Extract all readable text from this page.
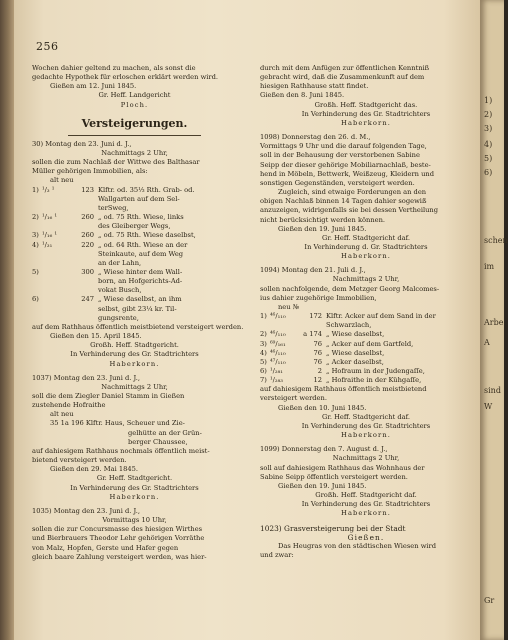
256
Wochen dahier geltend zu machen, als sonst die
gedachte Hypothek für erloschen erklärt werden wird.
Gießen am 12. Juni 1845.
Gr. Heff. Landgericht
Ploch.
Versteigerungen.
30) Montag den 23. Juni d. J.,
Nachmittags 2 Uhr,
sollen die zum Nachlaß der Wittwe des Balthasar
Müller gehörigen Immobilien, als:
alt neu
1) ¹/₃ ¹	123 Klftr. od. 35⅓ Rth. Grab- od.
Wallgarten auf dem Sel-
terSweg,
2) ¹/₁₆ ¹	260 „ od. 75 Rth. Wiese, links
des Gleiberger Wegs,
3) ¹/₁₆ ¹	260 „ od. 75 Rth. Wiese daselbst,
4) ¹/₃₁	220 „ od. 64 Rth. Wiese an der
Steinkaute, auf dem Weg
an der Lahn,
5)	300 „ Wiese hinter dem Wall-
born, an Hofgerichts-Ad-
vokat Busch,
6)	247 „ Wiese daselbst, an ihm
selbst, gibt 23¼ kr. Til-
gungsrente,
auf dem Rathhaus öffentlich meistbietend versteigert werden.
Gießen den 15. April 1845.
Großh. Heff. Stadtgericht.
In Verhinderung des Gr. Stadtrichters
Haberkorn.
1037) Montag den 23. Juni d. J.,
Nachmittags 2 Uhr,
soll die dem Ziegler Daniel Stamm in Gießen
zustehende Hofraithe
alt neu
35 1a 196 Klftr. Haus, Scheuer und Zie-
gelhütte an der Grün-
berger Chaussee,
auf dahiesigem Rathhaus nochmals öffentlich meist-
bietend versteigert werden.
Gießen den 29. Mai 1845.
Gr. Heff. Stadtgericht.
In Verhinderung des Gr. Stadtrichters
Haberkorn.
1035) Montag den 23. Juni d. J.,
Vormittags 10 Uhr,
sollen die zur Concursmasse des hiesigen Wirthes
und Bierbrauers Theodor Lehr gehörigen Vorräthe
von Malz, Hopfen, Gerste und Hafer gegen
gleich baare Zahlung versteigert werden, was hier-
durch mit dem Anfügen zur öffentlichen Kenntniß
gebracht wird, daß die Zusammenkunft auf dem
hiesigen Rathhause statt findet.
Gießen den 8. Juni 1845.
Großh. Heff. Stadtgericht das.
In Verhinderung des Gr. Stadtrichters
Haberkorn.
1098) Donnerstag den 26. d. M.,
Vormittags 9 Uhr und die darauf folgenden Tage,
soll in der Behausung der verstorbenen Sabine
Seipp der dieser gehörige Mobiliarnachlaß, beste-
hend in Möbeln, Bettwerk, Weißzeug, Kleidern und
sonstigen Gegenständen, versteigert werden.
Zugleich, sind etwaige Forderungen an den
obigen Nachlaß binnen 14 Tagen dahier sogewiß
anzuzeigen, widrigenfalls sie bei dessen Vertheilung
nicht berücksichtigt werden können.
Gießen den 19. Juni 1845.
Gr. Heff. Stadtgericht daf.
In Verhinderung d. Gr. Stadtrichters
Haberkorn.
1094) Montag den 21. Juli d. J.,
Nachmittags 2 Uhr,
sollen nachfolgende, dem Metzger Georg Malcomes-
ius dahier zugehörige Immobilien,
neu №
1) ⁴⁶/₁₁₀	172 Klftr. Acker auf dem Sand in der
Schwarzlach,
2) ⁴⁶/₁₁₀	a 174 „ Wiese daselbst,
3) ⁶⁹/₁₆₁	76 „ Acker auf dem Gartfeld,
4) ⁴⁶/₁₁₀	76 „ Wiese daselbst,
5) ⁴⁷/₁₁₀	76 „ Acker daselbst,
6) ¹/₂₈₁	2 „ Hofraum in der Judengaſſe,
7) ¹/₂₈₃	12 „ Hofraithe in der Kühgaſſe,
auf dahiesigem Rathhaus öffentlich meistbietend
versteigert werden.
Gießen den 10. Juni 1845.
Gr. Heff. Stadtgericht daf.
In Verhinderung des Gr. Stadtrichters
Haberkorn.
1099) Donnerstag den 7. August d. J.,
Nachmittags 2 Uhr,
soll auf dahiesigem Rathhaus das Wohnhaus der
Sabine Seipp öffentlich versteigert werden.
Gießen den 19. Juni 1845.
Großh. Heff. Stadtgericht daf.
In Verhinderung des Gr. Stadtrichters
Haberkorn.
1023) Grasversteigerung bei der Stadt
Gießen.
Das Heugras von den städtischen Wiesen wird
und zwar:
1)
2)
3)
4)
5)
6)
schen
im
Arbe
A
sind
W
Gr
